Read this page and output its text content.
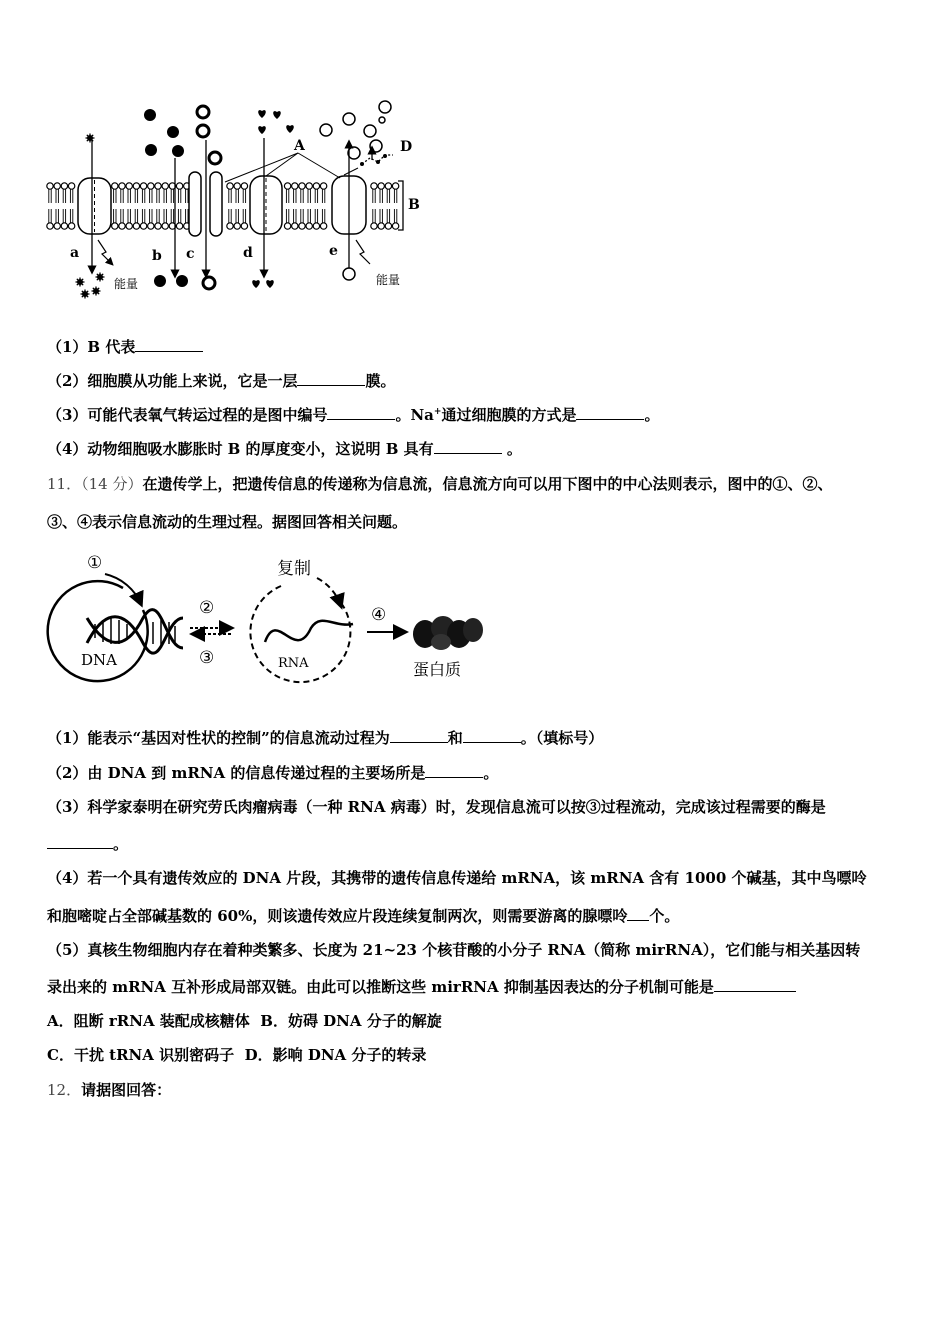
B
A	D
能量	能量
a	b c	d	e
（1）B 代表
（2）细胞膜从功能上来说，它是一层	膜。
（3）可能代表氧气转运过程的是图中编号	。Na+通过细胞膜的方式是	。
（4）动物细胞吸水膨胀时 B 的厚度变小，这说明 B 具有	。
11．（14 分）在遗传学上，把遗传信息的传递称为信息流，信息流方向可以用下图中的中心法则表示，图中的①、②、
③、④表示信息流动的生理过程。据图回答相关问题。
①
DNA
②
③
复制
RNA
④
蛋白质
（1）能表示“基因对性状的控制”的信息流动过程为	和	。（填标号）
（2）由 DNA 到 mRNA 的信息传递过程的主要场所是	。
（3）科学家泰明在研究劳氏肉瘤病毒（一种 RNA 病毒）时，发现信息流可以按③过程流动，完成该过程需要的酶是
。
（4）若一个具有遗传效应的 DNA 片段，其携带的遗传信息传递给 mRNA，该 mRNA 含有 1000 个碱基，其中鸟嘌呤
和胞嘧啶占全部碱基数的 60%，则该遗传效应片段连续复制两次，则需要游离的腺嘌呤 个。
（5）真核生物细胞内存在着种类繁多、长度为 21~23 个核苷酸的小分子 RNA（简称 mirRNA），它们能与相关基因转
录出来的 mRNA 互补形成局部双链。由此可以推断这些 mirRNA 抑制基因表达的分子机制可能是
A．阻断 rRNA 装配成核糖体 B．妨碍 DNA 分子的解旋
C．干扰 tRNA 识别密码子 D．影响 DNA 分子的转录
12．请据图回答：
